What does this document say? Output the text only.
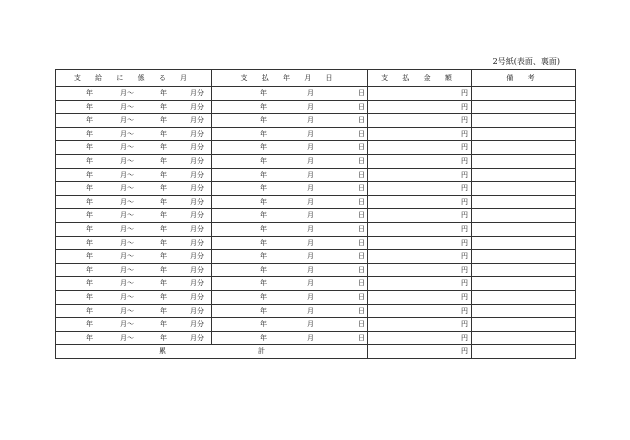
2号紙(表面、裏面)
支 給 に 係 る 月	支 払 年 月 日	支 払 金 額	備 考

年 月〜 年 月分	年 月 日	円	

年 月〜 年 月分	年 月 日	円	

年 月〜 年 月分	年 月 日	円	

年 月〜 年 月分	年 月 日	円	

年 月〜 年 月分	年 月 日	円	

年 月〜 年 月分	年 月 日	円	

年 月〜 年 月分	年 月 日	円	

年 月〜 年 月分	年 月 日	円	

年 月〜 年 月分	年 月 日	円	

年 月〜 年 月分	年 月 日	円	

年 月〜 年 月分	年 月 日	円	

年 月〜 年 月分	年 月 日	円	

年 月〜 年 月分	年 月 日	円	

年 月〜 年 月分	年 月 日	円	

年 月〜 年 月分	年 月 日	円	

年 月〜 年 月分	年 月 日	円	

年 月〜 年 月分	年 月 日	円	

年 月〜 年 月分	年 月 日	円	

年 月〜 年 月分	年 月 日	円	

累 計		円	
